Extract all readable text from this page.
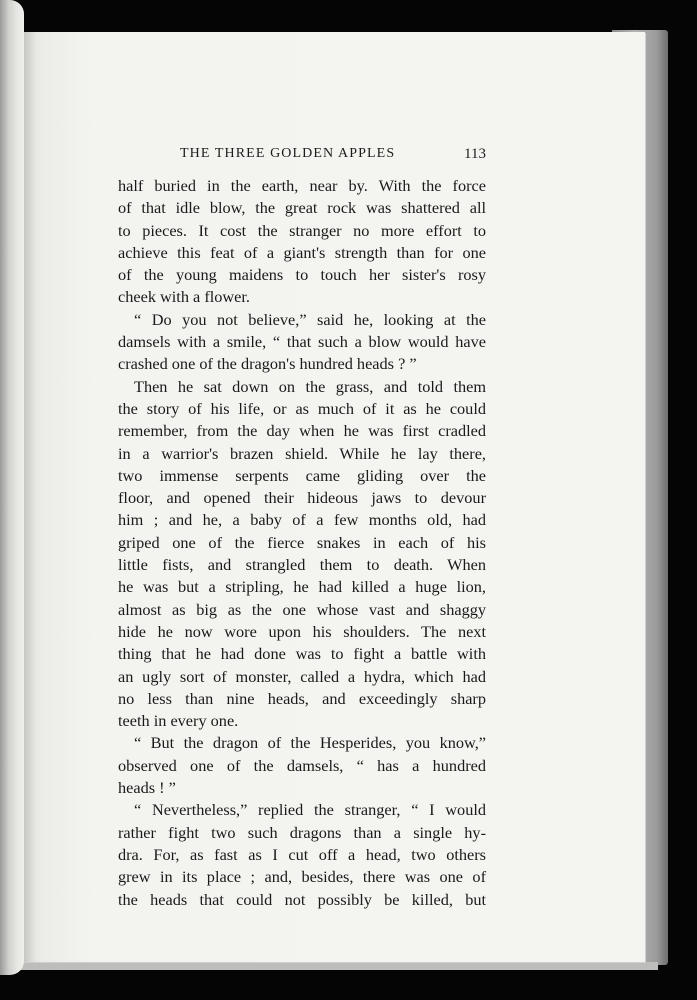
THE THREE GOLDEN APPLES	113
half buried in the earth, near by. With the force
of that idle blow, the great rock was shattered all
to pieces. It cost the stranger no more effort to
achieve this feat of a giant's strength than for one
of the young maidens to touch her sister's rosy
cheek with a flower.
“ Do you not believe,” said he, looking at the
damsels with a smile, “ that such a blow would have
crashed one of the dragon's hundred heads ? ”
Then he sat down on the grass, and told them
the story of his life, or as much of it as he could
remember, from the day when he was first cradled
in a warrior's brazen shield. While he lay there,
two immense serpents came gliding over the
floor, and opened their hideous jaws to devour
him ; and he, a baby of a few months old, had
griped one of the fierce snakes in each of his
little fists, and strangled them to death. When
he was but a stripling, he had killed a huge lion,
almost as big as the one whose vast and shaggy
hide he now wore upon his shoulders. The next
thing that he had done was to fight a battle with
an ugly sort of monster, called a hydra, which had
no less than nine heads, and exceedingly sharp
teeth in every one.
“ But the dragon of the Hesperides, you know,”
observed one of the damsels, “ has a hundred
heads ! ”
“ Nevertheless,” replied the stranger, “ I would
rather fight two such dragons than a single hy-
dra. For, as fast as I cut off a head, two others
grew in its place ; and, besides, there was one of
the heads that could not possibly be killed, but
